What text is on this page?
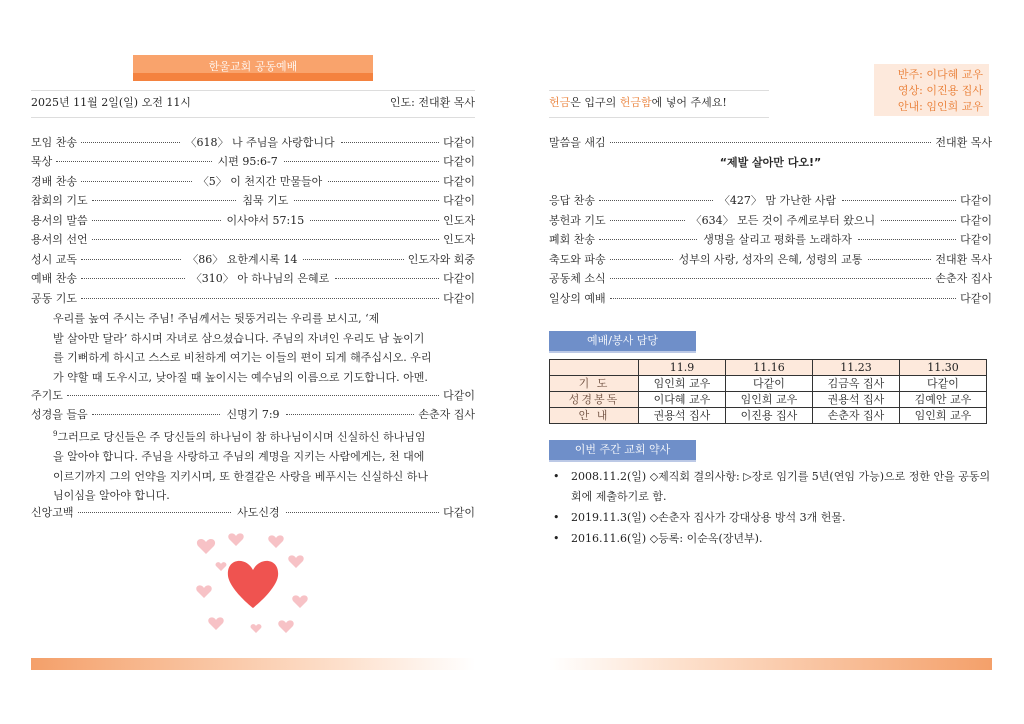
한울교회 공동예배
2025년 11월 2일(일) 오전 11시	인도: 전대환 목사	헌금은 입구의 헌금함에 넣어 주세요!
반주: 이다혜 교우
영상: 이진용 집사
안내: 임인희 교우
모임 찬송	〈618〉 나 주님을 사랑합니다	다같이
묵상	시편 95:6-7	다같이
경배 찬송	〈5〉 이 천지간 만물들아	다같이
참회의 기도	침묵 기도	다같이
용서의 말씀	이사야서 57:15	인도자
용서의 선언	인도자
성시 교독	〈86〉 요한계시록 14	인도자와 회중
예배 찬송	〈310〉 아 하나님의 은혜로	다같이
공동 기도	다같이
우리를 높여 주시는 주님! 주님께서는 뒷뚱거리는 우리를 보시고, ‘제
발 살아만 달라’ 하시며 자녀로 삼으셨습니다. 주님의 자녀인 우리도 남 높이기
를 기뻐하게 하시고 스스로 비천하게 여기는 이들의 편이 되게 해주십시오. 우리
가 약할 때 도우시고, 낮아질 때 높이시는 예수님의 이름으로 기도합니다. 아멘.
주기도	다같이
성경을 들음	신명기 7:9	손춘자 집사
$^9$그러므로 당신들은 주 당신들의 하나님이 참 하나님이시며 신실하신 하나님임
을 알아야 합니다. 주님을 사랑하고 주님의 계명을 지키는 사람에게는, 천 대에
이르기까지 그의 언약을 지키시며, 또 한결같은 사랑을 베푸시는 신실하신 하나
님이심을 알아야 합니다.
신앙고백	사도신경	다같이
말씀을 새김	전대환 목사
“제발 살아만 다오!”
응답 찬송	〈427〉 맘 가난한 사람	다같이
봉헌과 기도	〈634〉 모든 것이 주께로부터 왔으니	다같이
폐회 찬송	생명을 살리고 평화를 노래하자	다같이
축도와 파송	성부의 사랑, 성자의 은혜, 성령의 교통	전대환 목사
공동체 소식	손춘자 집사
일상의 예배	다같이
예배/봉사 담당
	11.9	11.16	11.23	11.30
기 도	임인희 교우	다같이	김금옥 집사	다같이
성경봉독	이다혜 교우	임인희 교우	권용석 집사	김예안 교우
안 내	권용석 집사	이진용 집사	손춘자 집사	임인희 교우
이번 주간 교회 약사
• 2008.11.2(일) ◇제직회 결의사항: ▷장로 임기를 5년(연임 가능)으로 정한 안을 공동의회에 제출하기로 함.
• 2019.11.3(일) ◇손춘자 집사가 강대상용 방석 3개 헌물.
• 2016.11.6(일) ◇등록: 이순옥(장년부).
